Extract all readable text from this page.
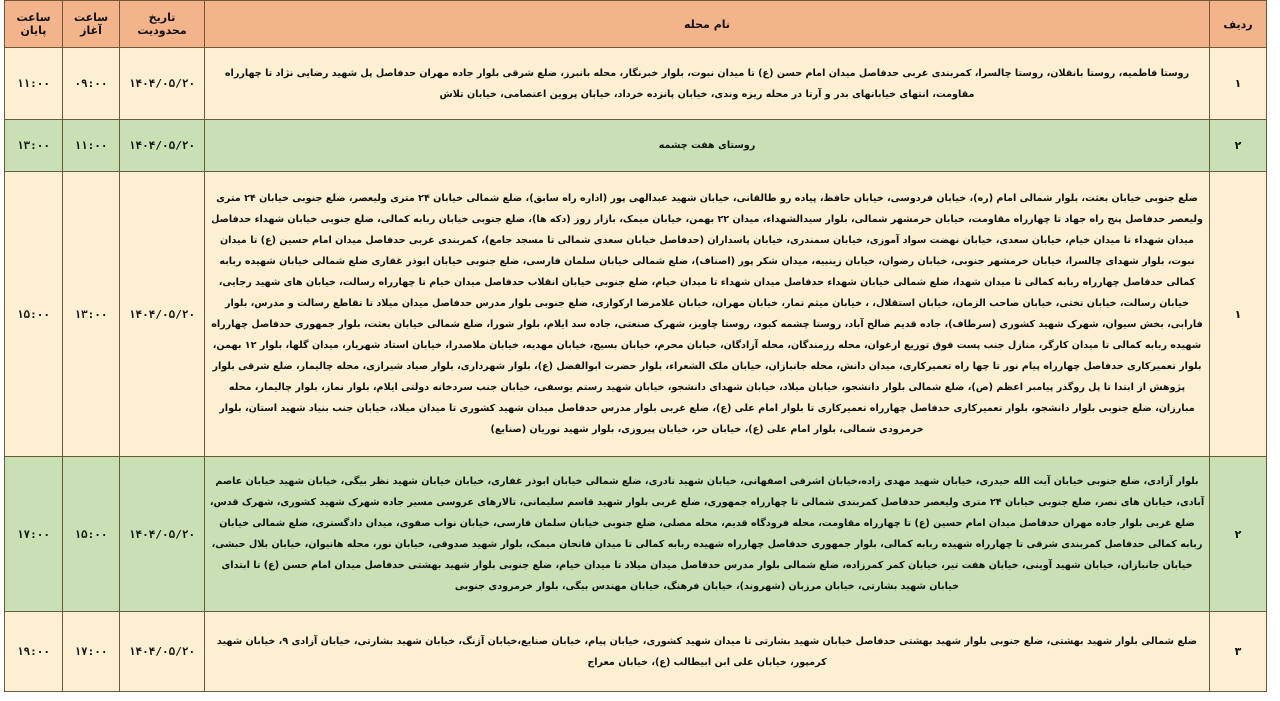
ردیف	نام محله	تاریخ محدودیت	ساعت آغاز	ساعت پایان
۱	روستا فاطمیه، روستا بانقلان، روستا چالسرا، کمربندی غربی حدفاصل میدان امام حسن (ع) تا میدان نبوت، بلوار خبرنگار، محله بانبرز، ضلع شرقی بلوار جاده مهران حدفاصل پل شهید رضایی نژاد تا چهارراه مقاومت، انتهای خیابانهای بدر و آرتا در محله ریزه وندی، خیابان پانزده خرداد، خیابان پروین اعتصامی، خیابان تلاش	۱۴۰۴/۰۵/۲۰	۰۹:۰۰	۱۱:۰۰
۲	روستای هفت چشمه	۱۴۰۴/۰۵/۲۰	۱۱:۰۰	۱۳:۰۰
۱	ضلع جنوبی خیابان بعثت، بلوار شمالی امام (ره)، خیابان فردوسی، خیابان حافظ، پیاده رو طالقانی، خیابان شهید عبدالهی پور (اداره راه سابق)، ضلع شمالی خیابان ۲۴ متری ولیعصر، ضلع جنوبی خیابان ۲۴ متری ولیعصر حدفاصل پنج راه جهاد تا چهارراه مقاومت، خیابان خرمشهر شمالی، بلوار سیدالشهداء، میدان ۲۲ بهمن، خیابان میمک، بازار روز (دکه ها)، ضلع جنوبی خیابان ربابه کمالی، ضلع جنوبی خیابان شهداء حدفاصل میدان شهداء تا میدان خیام، خیابان سعدی، خیابان نهضت سواد آموزی، خیابان سمندری، خیابان پاسداران (حدفاصل خیابان سعدی شمالی تا مسجد جامع)، کمربندی غربی حدفاصل میدان امام حسین (ع) تا میدان نبوت، بلوار شهدای چالسرا، خیابان خرمشهر جنوبی، خیابان رضوان، خیابان زینبیه، میدان شکر پور (اصناف)، ضلع شمالی خیابان سلمان فارسی، ضلع جنوبی خیابان ابوذر غفاری ضلع شمالی خیابان شهیده ربابه کمالی حدفاصل چهارراه ربابه کمالی تا میدان شهدا، ضلع شمالی خیابان شهداء حدفاصل میدان شهداء تا میدان خیام، ضلع جنوبی خیابان انقلاب حدفاصل میدان خیام تا چهارراه رسالت، خیابان های شهید رجایی، خیابان رسالت، خیابان تختی، خیابان صاحب الزمان، خیابان استقلال، ، خیابان میثم تمار، خیابان مهران، خیابان غلامرضا ارکوازی، ضلع جنوبی بلوار مدرس حدفاصل میدان میلاد تا تقاطع رسالت و مدرس، بلوار فارابی، بخش سیوان، شهرک شهید کشوری (سرطاف)، جاده قدیم صالح آباد، روستا چشمه کبود، روستا چاویز، شهرک صنعتی، جاده سد ایلام، بلوار شورا، ضلع شمالی خیابان بعثت، بلوار جمهوری حدفاصل چهارراه شهیده ربابه کمالی تا میدان کارگر، منازل جنب پست فوق توزیع ارغوان، محله رزمندگان، محله آزادگان، خیابان محرم، خیابان بسیج، خیابان مهدیه، خیابان ملاصدرا، خیابان استاد شهریار، میدان گلها، بلوار ۱۲ بهمن، بلوار تعمیرکاری حدفاصل چهارراه پیام نور تا چها راه تعمیرکاری، میدان دانش، محله جانبازان، خیابان ملک الشعراء، بلوار حضرت ابوالفضل (ع)، بلوار شهرداری، بلوار صیاد شیرازی، محله چالیمار، ضلع شرقی بلوار پژوهش از ابتدا تا پل روگذر پیامبر اعظم (ص)، ضلع شمالی بلوار دانشجو، خیابان میلاد، خیابان شهدای دانشجو، خیابان شهید رستم یوسفی، خیابان جنب سردخانه دولتی ایلام، بلوار نماز، بلوار چالیمار، محله مبارزان، ضلع جنوبی بلوار دانشجو، بلوار تعمیرکاری حدفاصل چهارراه تعمیرکاری تا بلوار امام علی (ع)، ضلع غربی بلوار مدرس حدفاصل میدان شهید کشوری تا میدان میلاد، خیابان جنب بنیاد شهید استان، بلوار خرمرودی شمالی، بلوار امام علی (ع)، خیابان حر، خیابان پیروزی، بلوار شهید نوریان (صنایع)	۱۴۰۴/۰۵/۲۰	۱۳:۰۰	۱۵:۰۰
۲	بلوار آزادی، ضلع جنوبی خیابان آیت الله حیدری، خیابان شهید مهدی زاده،خیابان اشرفی اصفهانی، خیابان شهید نادری، ضلع شمالی خیابان ابوذر غفاری، خیابان خیابان شهید نظر بیگی، خیابان شهید خیابان عاصم آبادی، خیابان های نصر، ضلع جنوبی خیابان ۲۴ متری ولیعصر حدفاصل کمربندی شمالی تا چهارراه جمهوری، ضلع غربی بلوار شهید قاسم سلیمانی، تالارهای عروسی مسیر جاده شهرک شهید کشوری، شهرک قدس، ضلع غربی بلوار جاده مهران حدفاصل میدان امام حسین (ع) تا چهارراه مقاومت، محله فرودگاه قدیم، محله مصلی، ضلع جنوبی خیابان سلمان فارسی، خیابان نواب صفوی، میدان دادگستری، ضلع شمالی خیابان ربابه کمالی حدفاصل کمربندی شرقی تا چهارراه شهیده ربابه کمالی، بلوار جمهوری حدفاصل چهارراه شهیده ربابه کمالی تا میدان فاتحان میمک، بلوار شهید صدوقی، خیابان نور، محله هانیوان، خیابان بلال حبشی، خیابان جانبازان، خیابان شهید آوینی، خیابان هفت تیر، خیابان کمر کمرزاده، ضلع شمالی بلوار مدرس حدفاصل میدان میلاد تا میدان خیام، ضلع جنوبی بلوار شهید بهشتی حدفاصل میدان امام حسن (ع) تا ابتدای خیابان شهید بشارتی، خیابان مرزبان (شهروند)، خیابان فرهنگ، خیابان مهندس بیگی، بلوار خرمرودی جنوبی	۱۴۰۴/۰۵/۲۰	۱۵:۰۰	۱۷:۰۰
۳	ضلع شمالی بلوار شهید بهشتی، ضلع جنوبی بلوار شهید بهشتی حدفاصل خیابان شهید بشارتی تا میدان شهید کشوری، خیابان پیام، خیابان صنایع،خیابان آژنگ، خیابان شهید بشارتی، خیابان آزادی ۹، خیابان شهید کرمپور، خیابان علی ابن ابیطالب (ع)، خیابان معراج	۱۴۰۴/۰۵/۲۰	۱۷:۰۰	۱۹:۰۰
